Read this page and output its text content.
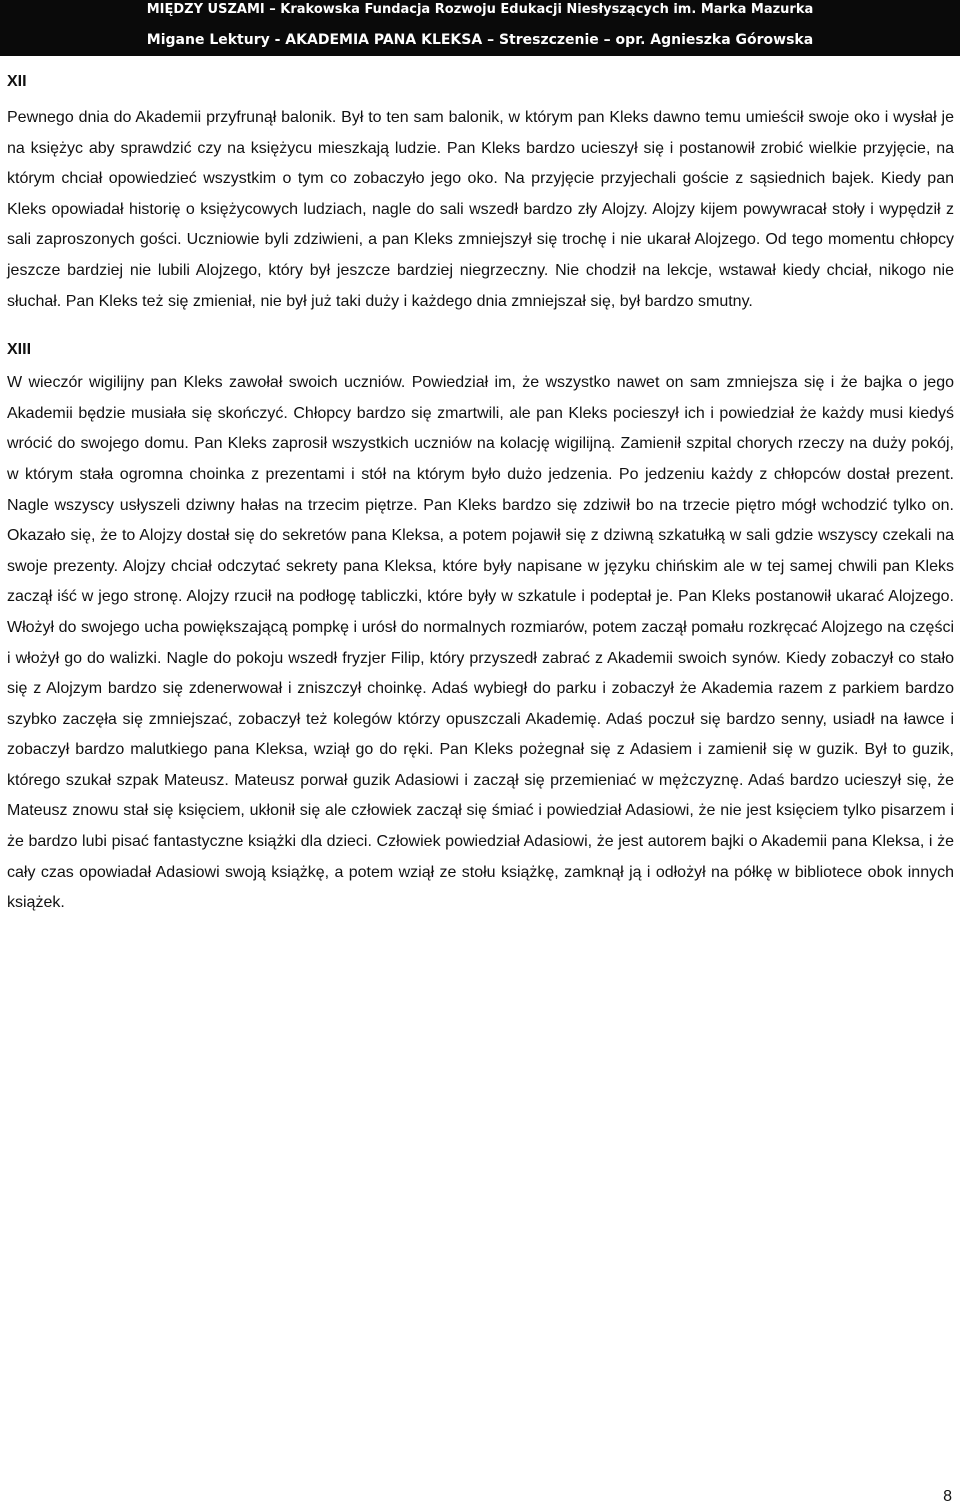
MIĘDZY USZAMI – Krakowska Fundacja Rozwoju Edukacji Niesłyszących im. Marka Mazurka
Migane Lektury - AKADEMIA PANA KLEKSA – Streszczenie – opr. Agnieszka Górowska

XII

Pewnego dnia do Akademii przyfrunął balonik. Był to ten sam balonik, w którym pan Kleks dawno temu umieścił swoje oko i wysłał je na księżyc aby sprawdzić czy na księżycu mieszkają ludzie. Pan Kleks bardzo ucieszył się i postanowił zrobić wielkie przyjęcie, na którym chciał opowiedzieć wszystkim o tym co zobaczyło jego oko. Na przyjęcie przyjechali goście z sąsiednich bajek. Kiedy pan Kleks opowiadał historię o księżycowych ludziach, nagle do sali wszedł bardzo zły Alojzy. Alojzy kijem powywracał stoły i wypędził z sali zaproszonych gości. Uczniowie byli zdziwieni, a pan Kleks zmniejszył się trochę i nie ukarał Alojzego. Od tego momentu chłopcy jeszcze bardziej nie lubili Alojzego, który był jeszcze bardziej niegrzeczny. Nie chodził na lekcje, wstawał kiedy chciał, nikogo nie słuchał. Pan Kleks też się zmieniał, nie był już taki duży i każdego dnia zmniejszał się, był bardzo smutny.

XIII

W wieczór wigilijny pan Kleks zawołał swoich uczniów. Powiedział im, że wszystko nawet on sam zmniejsza się i że bajka o jego Akademii będzie musiała się skończyć. Chłopcy bardzo się zmartwili, ale pan Kleks pocieszył ich i powiedział że każdy musi kiedyś wrócić do swojego domu. Pan Kleks zaprosił wszystkich uczniów na kolację wigilijną. Zamienił szpital chorych rzeczy na duży pokój, w którym stała ogromna choinka z prezentami i stół na którym było dużo jedzenia. Po jedzeniu każdy z chłopców dostał prezent. Nagle wszyscy usłyszeli dziwny hałas na trzecim piętrze. Pan Kleks bardzo się zdziwił bo na trzecie piętro mógł wchodzić tylko on. Okazało się, że to Alojzy dostał się do sekretów pana Kleksa, a potem pojawił się z dziwną szkatułką w sali gdzie wszyscy czekali na swoje prezenty. Alojzy chciał odczytać sekrety pana Kleksa, które były napisane w języku chińskim ale w tej samej chwili pan Kleks zaczął iść w jego stronę. Alojzy rzucił na podłogę tabliczki, które były w szkatule i podeptał je. Pan Kleks postanowił ukarać Alojzego. Włożył do swojego ucha powiększającą pompkę i urósł do normalnych rozmiarów, potem zaczął pomału rozkręcać Alojzego na części i włożył go do walizki. Nagle do pokoju wszedł fryzjer Filip, który przyszedł zabrać z Akademii swoich synów. Kiedy zobaczył co stało się z Alojzym bardzo się zdenerwował i zniszczył choinkę. Adaś wybiegł do parku i zobaczył że Akademia razem z parkiem bardzo szybko zaczęła się zmniejszać, zobaczył też kolegów którzy opuszczali Akademię. Adaś poczuł się bardzo senny, usiadł na ławce i zobaczył bardzo malutkiego pana Kleksa, wziął go do ręki. Pan Kleks pożegnał się z Adasiem i zamienił się w guzik. Był to guzik, którego szukał szpak Mateusz. Mateusz porwał guzik Adasiowi i zaczął się przemieniać w mężczyznę. Adaś bardzo ucieszył się, że Mateusz znowu stał się księciem, ukłonił się ale człowiek zaczął się śmiać i powiedział Adasiowi, że nie jest księciem tylko pisarzem i że bardzo lubi pisać fantastyczne książki dla dzieci. Człowiek powiedział Adasiowi, że jest autorem bajki o Akademii pana Kleksa, i że cały czas opowiadał Adasiowi swoją książkę, a potem wziął ze stołu książkę, zamknął ją i odłożył na półkę w bibliotece obok innych książek.

8
